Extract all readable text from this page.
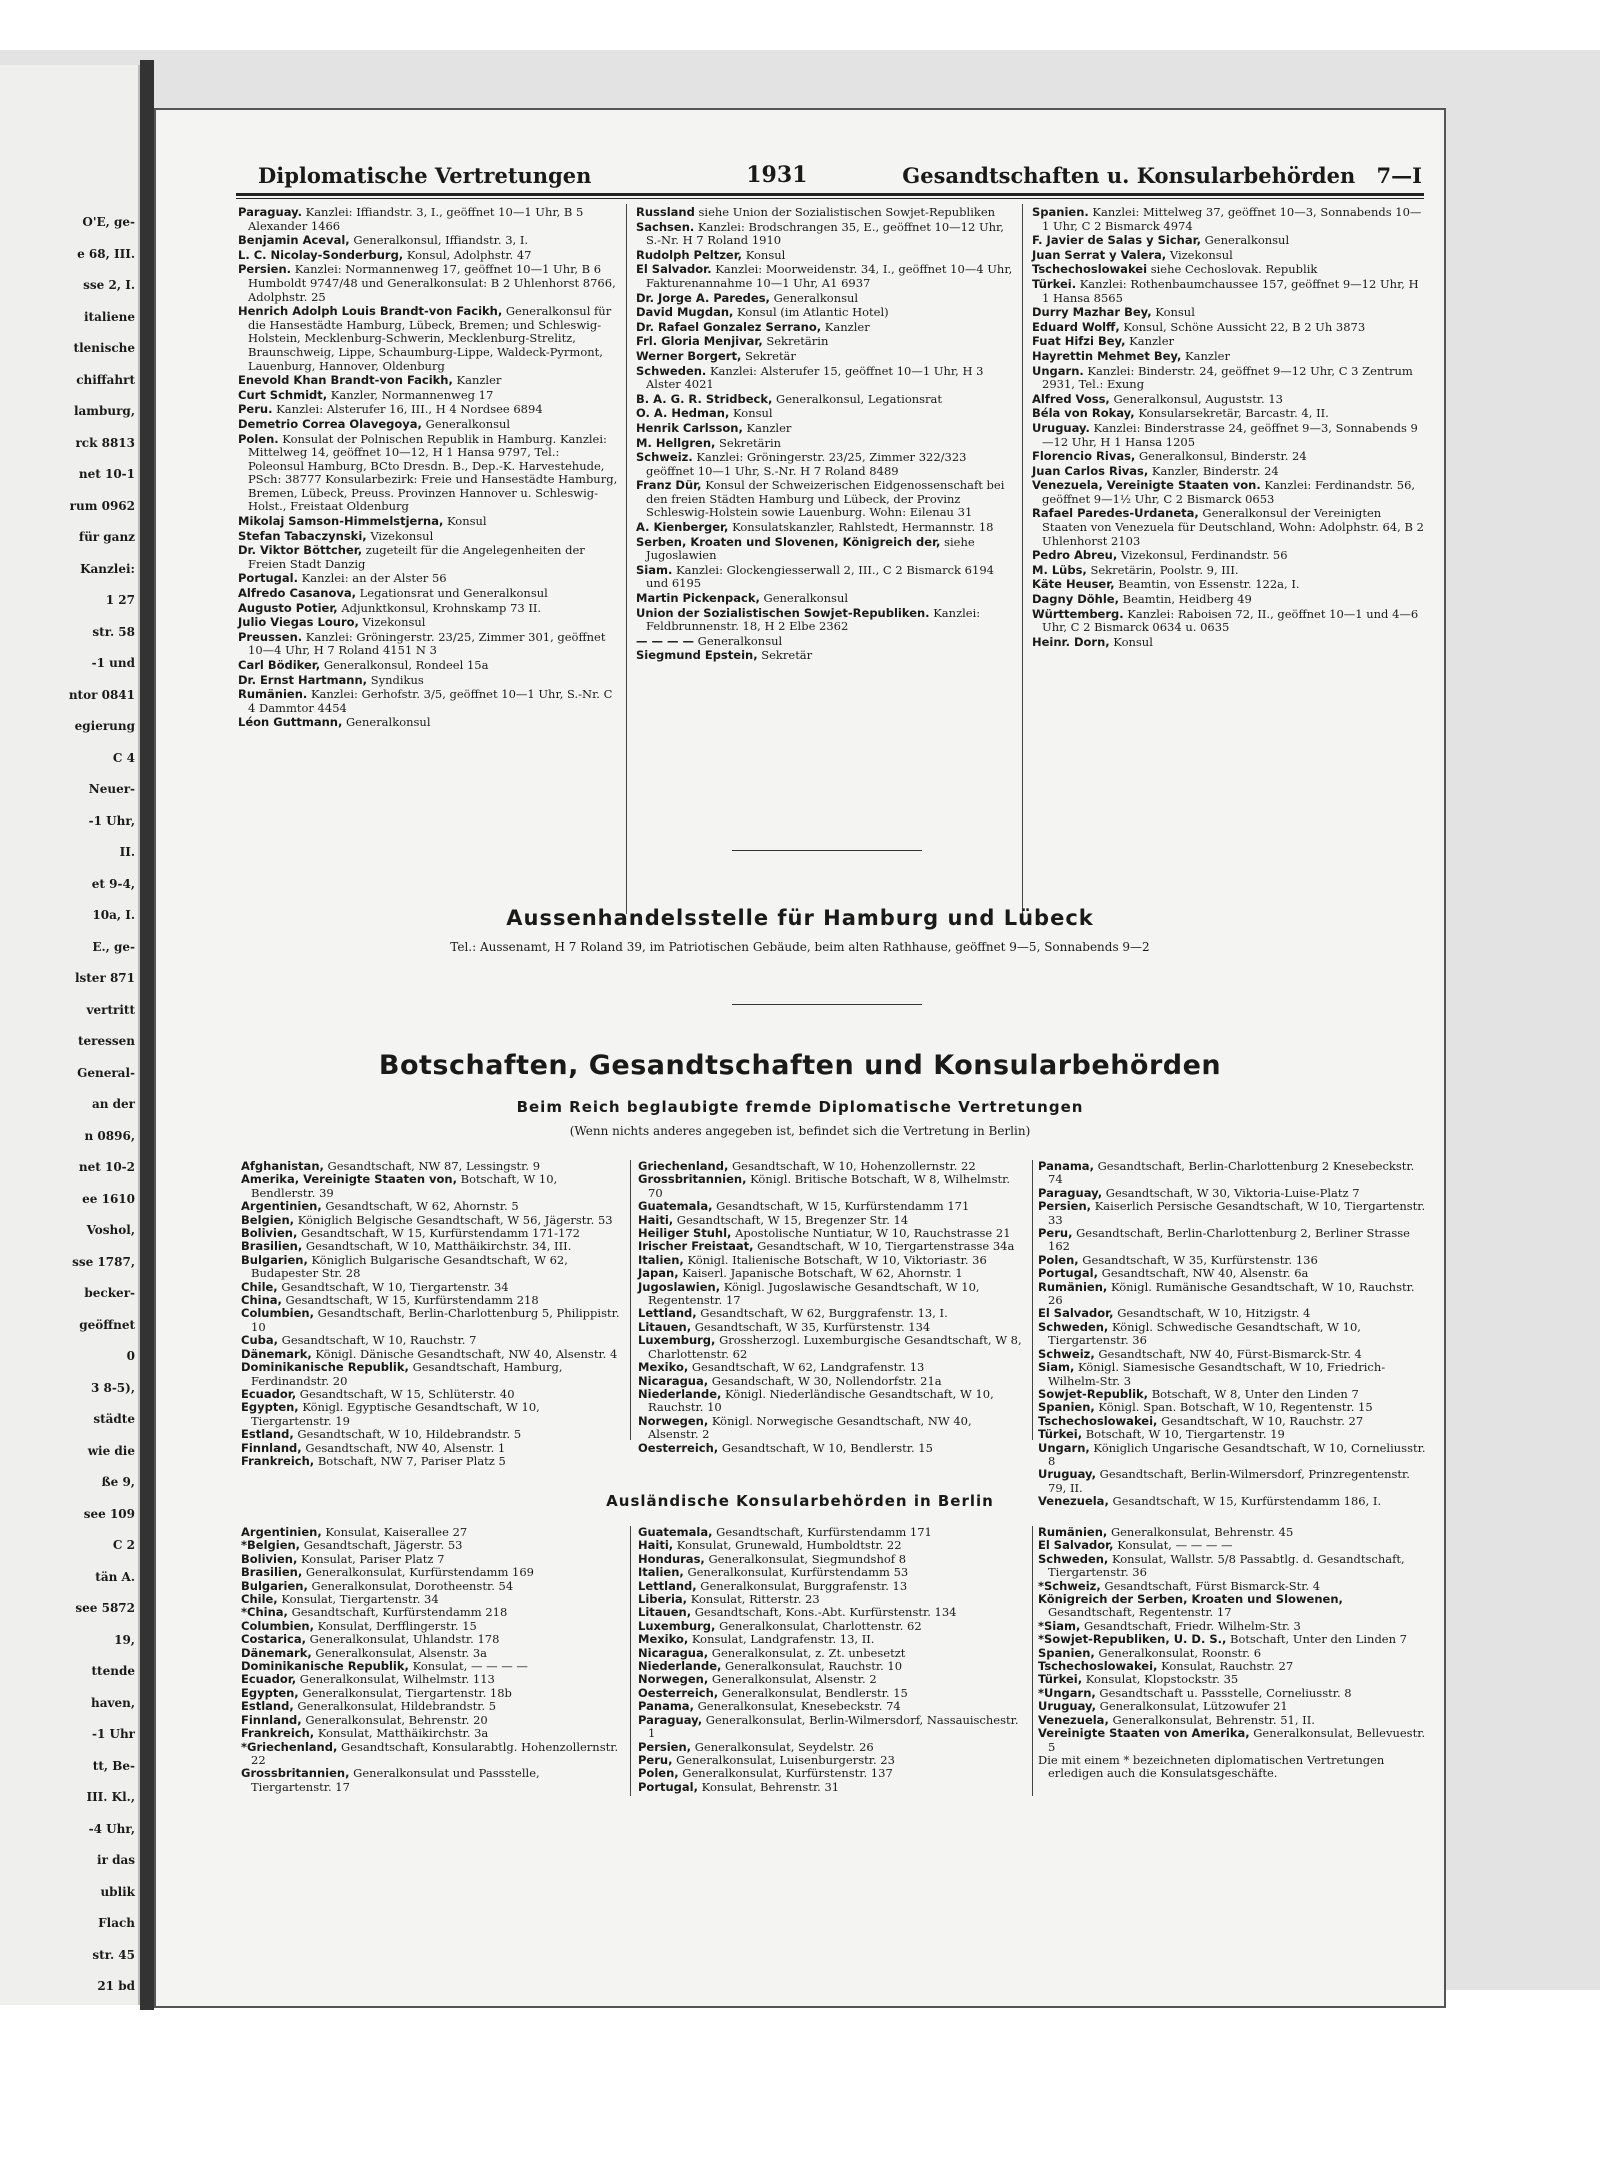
O'E, ge-
e 68, III.
sse 2, I.
italiene
tlenische
chiffahrt
lamburg,
rck 8813
net 10-1
rum 0962
für ganz
Kanzlei:
1 27
str. 58
-1 und
ntor 0841
egierung
C 4
Neuer-
-1 Uhr,
II.
et 9-4,
10a, I.
E., ge-
lster 871
vertritt
teressen
General-
an der
n 0896,
net 10-2
ee 1610
Voshol,
sse 1787,
becker-
geöffnet
0
3 8-5),
städte
wie die
ße 9,
see 109
C 2
tän A.
see 5872
19,
ttende
haven,
-1 Uhr
tt, Be-
III. Kl.,
-4 Uhr,
ir das
ublik
Flach
str. 45
21 bd
Diplomatische Vertretungen	1931	Gesandtschaften u. Konsularbehörden 7—I
Paraguay. Kanzlei: Iffiandstr. 3, I., geöffnet 10—1 Uhr, B 5 Alexander 1466
Benjamin Aceval, Generalkonsul, Iffiandstr. 3, I.
L. C. Nicolay-Sonderburg, Konsul, Adolphstr. 47
Persien. Kanzlei: Normannenweg 17, geöffnet 10—1 Uhr, B 6 Humboldt 9747/48 und Generalkonsulat: B 2 Uhlenhorst 8766, Adolphstr. 25
Henrich Adolph Louis Brandt-von Facikh, Generalkonsul für die Hansestädte Hamburg, Lübeck, Bremen; und Schleswig-Holstein, Mecklenburg-Schwerin, Mecklenburg-Strelitz, Braunschweig, Lippe, Schaumburg-Lippe, Waldeck-Pyrmont, Lauenburg, Hannover, Oldenburg
Enevold Khan Brandt-von Facikh, Kanzler
Curt Schmidt, Kanzler, Normannenweg 17
Peru. Kanzlei: Alsterufer 16, III., H 4 Nordsee 6894
Demetrio Correa Olavegoya, Generalkonsul
Polen. Konsulat der Polnischen Republik in Hamburg. Kanzlei: Mittelweg 14, geöffnet 10—12, H 1 Hansa 9797, Tel.: Poleonsul Hamburg, BCto Dresdn. B., Dep.-K. Harvestehude, PSch: 38777 Konsularbezirk: Freie und Hansestädte Hamburg, Bremen, Lübeck, Preuss. Provinzen Hannover u. Schleswig-Holst., Freistaat Oldenburg
Mikolaj Samson-Himmelstjerna, Konsul
Stefan Tabaczynski, Vizekonsul
Dr. Viktor Böttcher, zugeteilt für die Angelegenheiten der Freien Stadt Danzig
Portugal. Kanzlei: an der Alster 56
Alfredo Casanova, Legationsrat und Generalkonsul
Augusto Potier, Adjunktkonsul, Krohnskamp 73 II.
Julio Viegas Louro, Vizekonsul
Preussen. Kanzlei: Gröningerstr. 23/25, Zimmer 301, geöffnet 10—4 Uhr, H 7 Roland 4151 N 3
Carl Bödiker, Generalkonsul, Rondeel 15a
Dr. Ernst Hartmann, Syndikus
Rumänien. Kanzlei: Gerhofstr. 3/5, geöffnet 10—1 Uhr, S.-Nr. C 4 Dammtor 4454
Léon Guttmann, Generalkonsul
Russland siehe Union der Sozialistischen Sowjet-Republiken
Sachsen. Kanzlei: Brodschrangen 35, E., geöffnet 10—12 Uhr, S.-Nr. H 7 Roland 1910
Rudolph Peltzer, Konsul
El Salvador. Kanzlei: Moorweidenstr. 34, I., geöffnet 10—4 Uhr, Fakturenannahme 10—1 Uhr, A1 6937
Dr. Jorge A. Paredes, Generalkonsul
David Mugdan, Konsul (im Atlantic Hotel)
Dr. Rafael Gonzalez Serrano, Kanzler
Frl. Gloria Menjivar, Sekretärin
Werner Borgert, Sekretär
Schweden. Kanzlei: Alsterufer 15, geöffnet 10—1 Uhr, H 3 Alster 4021
B. A. G. R. Stridbeck, Generalkonsul, Legationsrat
O. A. Hedman, Konsul
Henrik Carlsson, Kanzler
M. Hellgren, Sekretärin
Schweiz. Kanzlei: Gröningerstr. 23/25, Zimmer 322/323 geöffnet 10—1 Uhr, S.-Nr. H 7 Roland 8489
Franz Dür, Konsul der Schweizerischen Eidgenossenschaft bei den freien Städten Hamburg und Lübeck, der Provinz Schleswig-Holstein sowie Lauenburg. Wohn: Eilenau 31
A. Kienberger, Konsulatskanzler, Rahlstedt, Hermannstr. 18
Serben, Kroaten und Slovenen, Königreich der, siehe Jugoslawien
Siam. Kanzlei: Glockengiesserwall 2, III., C 2 Bismarck 6194 und 6195
Martin Pickenpack, Generalkonsul
Union der Sozialistischen Sowjet-Republiken. Kanzlei: Feldbrunnenstr. 18, H 2 Elbe 2362
— — — — Generalkonsul
Siegmund Epstein, Sekretär
Spanien. Kanzlei: Mittelweg 37, geöffnet 10—3, Sonnabends 10—1 Uhr, C 2 Bismarck 4974
F. Javier de Salas y Sichar, Generalkonsul
Juan Serrat y Valera, Vizekonsul
Tschechoslowakei siehe Cechoslovak. Republik
Türkei. Kanzlei: Rothenbaumchaussee 157, geöffnet 9—12 Uhr, H 1 Hansa 8565
Durry Mazhar Bey, Konsul
Eduard Wolff, Konsul, Schöne Aussicht 22, B 2 Uh 3873
Fuat Hifzi Bey, Kanzler
Hayrettin Mehmet Bey, Kanzler
Ungarn. Kanzlei: Binderstr. 24, geöffnet 9—12 Uhr, C 3 Zentrum 2931, Tel.: Exung
Alfred Voss, Generalkonsul, Auguststr. 13
Béla von Rokay, Konsularsekretär, Barcastr. 4, II.
Uruguay. Kanzlei: Binderstrasse 24, geöffnet 9—3, Sonnabends 9—12 Uhr, H 1 Hansa 1205
Florencio Rivas, Generalkonsul, Binderstr. 24
Juan Carlos Rivas, Kanzler, Binderstr. 24
Venezuela, Vereinigte Staaten von. Kanzlei: Ferdinandstr. 56, geöffnet 9—1½ Uhr, C 2 Bismarck 0653
Rafael Paredes-Urdaneta, Generalkonsul der Vereinigten Staaten von Venezuela für Deutschland, Wohn: Adolphstr. 64, B 2 Uhlenhorst 2103
Pedro Abreu, Vizekonsul, Ferdinandstr. 56
M. Lübs, Sekretärin, Poolstr. 9, III.
Käte Heuser, Beamtin, von Essenstr. 122a, I.
Dagny Döhle, Beamtin, Heidberg 49
Württemberg. Kanzlei: Raboisen 72, II., geöffnet 10—1 und 4—6 Uhr, C 2 Bismarck 0634 u. 0635
Heinr. Dorn, Konsul
Aussenhandelsstelle für Hamburg und Lübeck
Tel.: Aussenamt, H 7 Roland 39, im Patriotischen Gebäude, beim alten Rathhause, geöffnet 9—5, Sonnabends 9—2
Botschaften, Gesandtschaften und Konsularbehörden
Beim Reich beglaubigte fremde Diplomatische Vertretungen
(Wenn nichts anderes angegeben ist, befindet sich die Vertretung in Berlin)
Afghanistan, Gesandtschaft, NW 87, Lessingstr. 9
Amerika, Vereinigte Staaten von, Botschaft, W 10, Bendlerstr. 39
Argentinien, Gesandtschaft, W 62, Ahornstr. 5
Belgien, Königlich Belgische Gesandtschaft, W 56, Jägerstr. 53
Bolivien, Gesandtschaft, W 15, Kurfürstendamm 171-172
Brasilien, Gesandtschaft, W 10, Matthäikirchstr. 34, III.
Bulgarien, Königlich Bulgarische Gesandtschaft, W 62, Budapester Str. 28
Chile, Gesandtschaft, W 10, Tiergartenstr. 34
China, Gesandtschaft, W 15, Kurfürstendamm 218
Columbien, Gesandtschaft, Berlin-Charlottenburg 5, Philippistr. 10
Cuba, Gesandtschaft, W 10, Rauchstr. 7
Dänemark, Königl. Dänische Gesandtschaft, NW 40, Alsenstr. 4
Dominikanische Republik, Gesandtschaft, Hamburg, Ferdinandstr. 20
Ecuador, Gesandtschaft, W 15, Schlüterstr. 40
Egypten, Königl. Egyptische Gesandtschaft, W 10, Tiergartenstr. 19
Estland, Gesandtschaft, W 10, Hildebrandstr. 5
Finnland, Gesandtschaft, NW 40, Alsenstr. 1
Frankreich, Botschaft, NW 7, Pariser Platz 5
Griechenland, Gesandtschaft, W 10, Hohenzollernstr. 22
Grossbritannien, Königl. Britische Botschaft, W 8, Wilhelmstr. 70
Guatemala, Gesandtschaft, W 15, Kurfürstendamm 171
Haiti, Gesandtschaft, W 15, Bregenzer Str. 14
Heiliger Stuhl, Apostolische Nuntiatur, W 10, Rauchstrasse 21
Irischer Freistaat, Gesandtschaft, W 10, Tiergartenstrasse 34a
Italien, Königl. Italienische Botschaft, W 10, Viktoriastr. 36
Japan, Kaiserl. Japanische Botschaft, W 62, Ahornstr. 1
Jugoslawien, Königl. Jugoslawische Gesandtschaft, W 10, Regentenstr. 17
Lettland, Gesandtschaft, W 62, Burggrafenstr. 13, I.
Litauen, Gesandtschaft, W 35, Kurfürstenstr. 134
Luxemburg, Grossherzogl. Luxemburgische Gesandtschaft, W 8, Charlottenstr. 62
Mexiko, Gesandtschaft, W 62, Landgrafenstr. 13
Nicaragua, Gesandschaft, W 30, Nollendorfstr. 21a
Niederlande, Königl. Niederländische Gesandtschaft, W 10, Rauchstr. 10
Norwegen, Königl. Norwegische Gesandtschaft, NW 40, Alsenstr. 2
Oesterreich, Gesandtschaft, W 10, Bendlerstr. 15
Panama, Gesandtschaft, Berlin-Charlottenburg 2 Knesebeckstr. 74
Paraguay, Gesandtschaft, W 30, Viktoria-Luise-Platz 7
Persien, Kaiserlich Persische Gesandtschaft, W 10, Tiergartenstr. 33
Peru, Gesandtschaft, Berlin-Charlottenburg 2, Berliner Strasse 162
Polen, Gesandtschaft, W 35, Kurfürstenstr. 136
Portugal, Gesandtschaft, NW 40, Alsenstr. 6a
Rumänien, Königl. Rumänische Gesandtschaft, W 10, Rauchstr. 26
El Salvador, Gesandtschaft, W 10, Hitzigstr. 4
Schweden, Königl. Schwedische Gesandtschaft, W 10, Tiergartenstr. 36
Schweiz, Gesandtschaft, NW 40, Fürst-Bismarck-Str. 4
Siam, Königl. Siamesische Gesandtschaft, W 10, Friedrich-Wilhelm-Str. 3
Sowjet-Republik, Botschaft, W 8, Unter den Linden 7
Spanien, Königl. Span. Botschaft, W 10, Regentenstr. 15
Tschechoslowakei, Gesandtschaft, W 10, Rauchstr. 27
Türkei, Botschaft, W 10, Tiergartenstr. 19
Ungarn, Königlich Ungarische Gesandtschaft, W 10, Corneliusstr. 8
Uruguay, Gesandtschaft, Berlin-Wilmersdorf, Prinzregentenstr. 79, II.
Venezuela, Gesandtschaft, W 15, Kurfürstendamm 186, I.
Ausländische Konsularbehörden in Berlin
Argentinien, Konsulat, Kaiserallee 27
*Belgien, Gesandtschaft, Jägerstr. 53
Bolivien, Konsulat, Pariser Platz 7
Brasilien, Generalkonsulat, Kurfürstendamm 169
Bulgarien, Generalkonsulat, Dorotheenstr. 54
Chile, Konsulat, Tiergartenstr. 34
*China, Gesandtschaft, Kurfürstendamm 218
Columbien, Konsulat, Derfflingerstr. 15
Costarica, Generalkonsulat, Uhlandstr. 178
Dänemark, Generalkonsulat, Alsenstr. 3a
Dominikanische Republik, Konsulat, — — — —
Ecuador, Generalkonsulat, Wilhelmstr. 113
Egypten, Generalkonsulat, Tiergartenstr. 18b
Estland, Generalkonsulat, Hildebrandstr. 5
Finnland, Generalkonsulat, Behrenstr. 20
Frankreich, Konsulat, Matthäikirchstr. 3a
*Griechenland, Gesandtschaft, Konsularabtlg. Hohenzollernstr. 22
Grossbritannien, Generalkonsulat und Passstelle, Tiergartenstr. 17
Guatemala, Gesandtschaft, Kurfürstendamm 171
Haiti, Konsulat, Grunewald, Humboldtstr. 22
Honduras, Generalkonsulat, Siegmundshof 8
Italien, Generalkonsulat, Kurfürstendamm 53
Lettland, Generalkonsulat, Burggrafenstr. 13
Liberia, Konsulat, Ritterstr. 23
Litauen, Gesandtschaft, Kons.-Abt. Kurfürstenstr. 134
Luxemburg, Generalkonsulat, Charlottenstr. 62
Mexiko, Konsulat, Landgrafenstr. 13, II.
Nicaragua, Generalkonsulat, z. Zt. unbesetzt
Niederlande, Generalkonsulat, Rauchstr. 10
Norwegen, Generalkonsulat, Alsenstr. 2
Oesterreich, Generalkonsulat, Bendlerstr. 15
Panama, Generalkonsulat, Knesebeckstr. 74
Paraguay, Generalkonsulat, Berlin-Wilmersdorf, Nassauischestr. 1
Persien, Generalkonsulat, Seydelstr. 26
Peru, Generalkonsulat, Luisenburgerstr. 23
Polen, Generalkonsulat, Kurfürstenstr. 137
Portugal, Konsulat, Behrenstr. 31
Rumänien, Generalkonsulat, Behrenstr. 45
El Salvador, Konsulat, — — — —
Schweden, Konsulat, Wallstr. 5/8 Passabtlg. d. Gesandtschaft, Tiergartenstr. 36
*Schweiz, Gesandtschaft, Fürst Bismarck-Str. 4
Königreich der Serben, Kroaten und Slowenen, Gesandtschaft, Regentenstr. 17
*Siam, Gesandtschaft, Friedr. Wilhelm-Str. 3
*Sowjet-Republiken, U. D. S., Botschaft, Unter den Linden 7
Spanien, Generalkonsulat, Roonstr. 6
Tschechoslowakei, Konsulat, Rauchstr. 27
Türkei, Konsulat, Klopstockstr. 35
*Ungarn, Gesandtschaft u. Passstelle, Corneliusstr. 8
Uruguay, Generalkonsulat, Lützowufer 21
Venezuela, Generalkonsulat, Behrenstr. 51, II.
Vereinigte Staaten von Amerika, Generalkonsulat, Bellevuestr. 5
Die mit einem * bezeichneten diplomatischen Vertretungen erledigen auch die Konsulatsgeschäfte.
